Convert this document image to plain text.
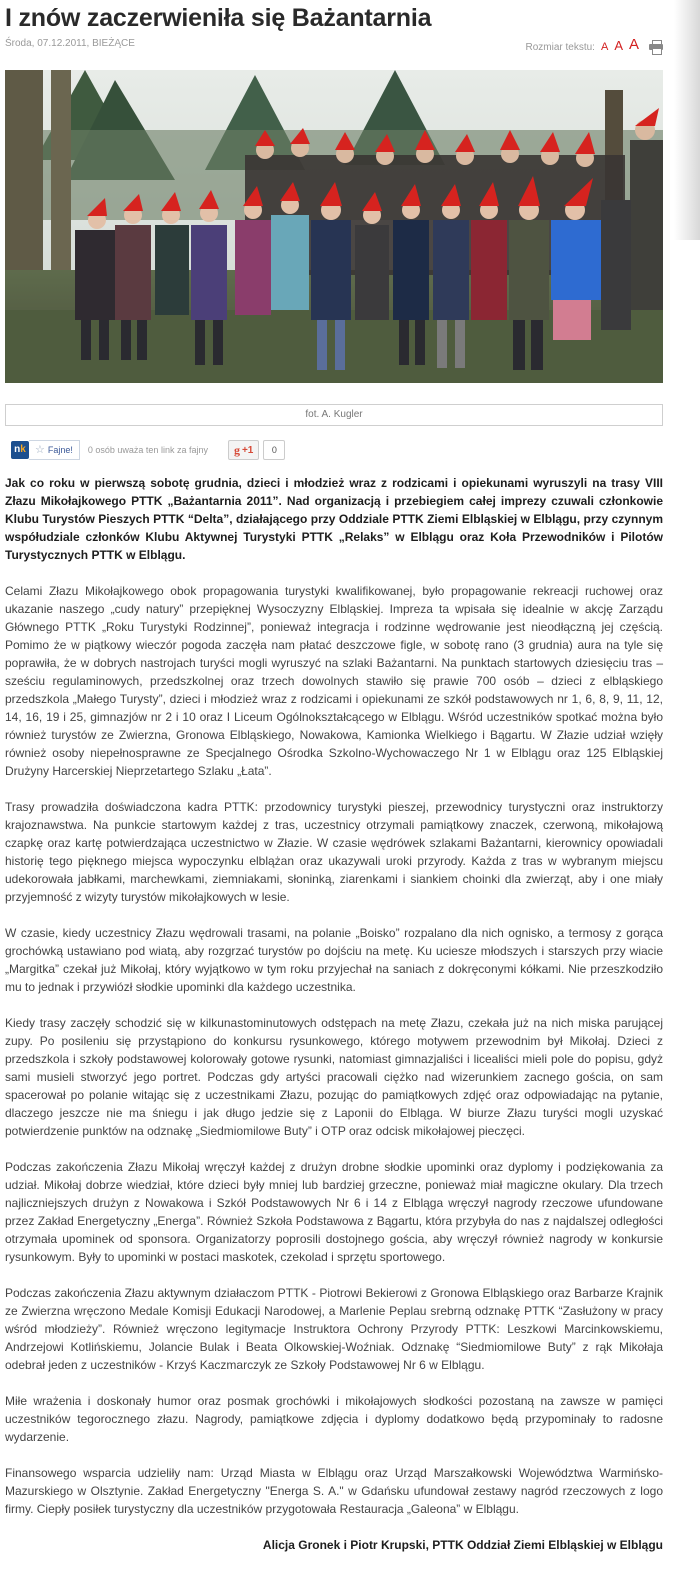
I znów zaczerwieniła się Bażantarnia
Środa, 07.12.2011, BIEŻĄCE	Rozmiar tekstu: A A A
fot. A. Kugler
nk ☆ Fajne! 0 osób uważa ten link za fajny g +1	0

Jak co roku w pierwszą sobotę grudnia, dzieci i młodzież wraz z rodzicami i opiekunami wyruszyli na trasy VIII Złazu Mikołajkowego PTTK „Bażantarnia 2011”. Nad organizacją i przebiegiem całej imprezy czuwali członkowie Klubu Turystów Pieszych PTTK “Delta”, działającego przy Oddziale PTTK Ziemi Elbląskiej w Elblągu, przy czynnym współudziale członków Klubu Aktywnej Turystyki PTTK „Relaks” w Elblągu oraz Koła Przewodników i Pilotów Turystycznych PTTK w Elblągu.

Celami Złazu Mikołajkowego obok propagowania turystyki kwalifikowanej, było propagowanie rekreacji ruchowej oraz ukazanie naszego „cudy natury” przepięknej Wysoczyzny Elbląskiej. Impreza ta wpisała się idealnie w akcję Zarządu Głównego PTTK „Roku Turystyki Rodzinnej”, ponieważ integracja i rodzinne wędrowanie jest nieodłączną jej częścią. Pomimo że w piątkowy wieczór pogoda zaczęła nam płatać deszczowe figle, w sobotę rano (3 grudnia) aura na tyle się poprawiła, że w dobrych nastrojach turyści mogli wyruszyć na szlaki Bażantarni. Na punktach startowych dziesięciu tras – sześciu regulaminowych, przedszkolnej oraz trzech dowolnych stawiło się prawie 700 osób – dzieci z elbląskiego przedszkola „Małego Turysty”, dzieci i młodzież wraz z rodzicami i opiekunami ze szkół podstawowych nr 1, 6, 8, 9, 11, 12, 14, 16, 19 i 25, gimnazjów nr 2 i 10 oraz I Liceum Ogólnokształcącego w Elblągu. Wśród uczestników spotkać można było również turystów ze Zwierzna, Gronowa Elbląskiego, Nowakowa, Kamionka Wielkiego i Bągartu. W Złazie udział wzięły również osoby niepełnosprawne ze Specjalnego Ośrodka Szkolno-Wychowaczego Nr 1 w Elblągu oraz 125 Elbląskiej Drużyny Harcerskiej Nieprzetartego Szlaku „Łata”.

Trasy prowadziła doświadczona kadra PTTK: przodownicy turystyki pieszej, przewodnicy turystyczni oraz instruktorzy krajoznawstwa. Na punkcie startowym każdej z tras, uczestnicy otrzymali pamiątkowy znaczek, czerwoną, mikołajową czapkę oraz kartę potwierdzająca uczestnictwo w Złazie. W czasie wędrówek szlakami Bażantarni, kierownicy opowiadali historię tego pięknego miejsca wypoczynku elblążan oraz ukazywali uroki przyrody. Każda z tras w wybranym miejscu udekorowała jabłkami, marchewkami, ziemniakami, słoninką, ziarenkami i siankiem choinki dla zwierząt, aby i one miały przyjemność z wizyty turystów mikołajkowych w lesie.

W czasie, kiedy uczestnicy Złazu wędrowali trasami, na polanie „Boisko” rozpalano dla nich ognisko, a termosy z gorąca grochówką ustawiano pod wiatą, aby rozgrzać turystów po dojściu na metę. Ku uciesze młodszych i starszych przy wiacie „Margitka” czekał już Mikołaj, który wyjątkowo w tym roku przyjechał na saniach z dokręconymi kółkami. Nie przeszkodziło mu to jednak i przywiózł słodkie upominki dla każdego uczestnika.

Kiedy trasy zaczęły schodzić się w kilkunastominutowych odstępach na metę Złazu, czekała już na nich miska parującej zupy. Po posileniu się przystąpiono do konkursu rysunkowego, którego motywem przewodnim był Mikołaj. Dzieci z przedszkola i szkoły podstawowej kolorowały gotowe rysunki, natomiast gimnazjaliści i licealiści mieli pole do popisu, gdyż sami musieli stworzyć jego portret. Podczas gdy artyści pracowali ciężko nad wizerunkiem zacnego gościa, on sam spacerował po polanie witając się z uczestnikami Złazu, pozując do pamiątkowych zdjęć oraz odpowiadając na pytanie, dlaczego jeszcze nie ma śniegu i jak długo jedzie się z Laponii do Elbląga. W biurze Złazu turyści mogli uzyskać potwierdzenie punktów na odznakę „Siedmiomilowe Buty” i OTP oraz odcisk mikołajowej pieczęci.

Podczas zakończenia Złazu Mikołaj wręczył każdej z drużyn drobne słodkie upominki oraz dyplomy i podziękowania za udział. Mikołaj dobrze wiedział, które dzieci były mniej lub bardziej grzeczne, ponieważ miał magiczne okulary. Dla trzech najliczniejszych drużyn z Nowakowa i Szkół Podstawowych Nr 6 i 14 z Elbląga wręczył nagrody rzeczowe ufundowane przez Zakład Energetyczny „Energa”. Również Szkoła Podstawowa z Bągartu, która przybyła do nas z najdalszej odległości otrzymała upominek od sponsora. Organizatorzy poprosili dostojnego gościa, aby wręczył również nagrody w konkursie rysunkowym. Były to upominki w postaci maskotek, czekolad i sprzętu sportowego.

Podczas zakończenia Złazu aktywnym działaczom PTTK - Piotrowi Bekierowi z Gronowa Elbląskiego oraz Barbarze Krajnik ze Zwierzna wręczono Medale Komisji Edukacji Narodowej, a Marlenie Peplau srebrną odznakę PTTK “Zasłużony w pracy wśród młodzieży”. Również wręczono legitymacje Instruktora Ochrony Przyrody PTTK: Leszkowi Marcinkowskiemu, Andrzejowi Kotlińskiemu, Jolancie Bulak i Beata Olkowskiej-Woźniak. Odznakę “Siedmiomilowe Buty” z rąk Mikołaja odebrał jeden z uczestników - Krzyś Kaczmarczyk ze Szkoły Podstawowej Nr 6 w Elblągu.

Miłe wrażenia i doskonały humor oraz posmak grochówki i mikołajowych słodkości pozostaną na zawsze w pamięci uczestników tegorocznego złazu. Nagrody, pamiątkowe zdjęcia i dyplomy dodatkowo będą przypominały to radosne wydarzenie.

Finansowego wsparcia udzieliły nam: Urząd Miasta w Elblągu oraz Urząd Marszałkowski Województwa Warmińsko-Mazurskiego w Olsztynie. Zakład Energetyczny "Energa S. A." w Gdańsku ufundował zestawy nagród rzeczowych z logo firmy. Ciepły posiłek turystyczny dla uczestników przygotowała Restauracja „Galeona” w Elblągu.

Alicja Gronek i Piotr Krupski, PTTK Oddział Ziemi Elbląskiej w Elblągu
